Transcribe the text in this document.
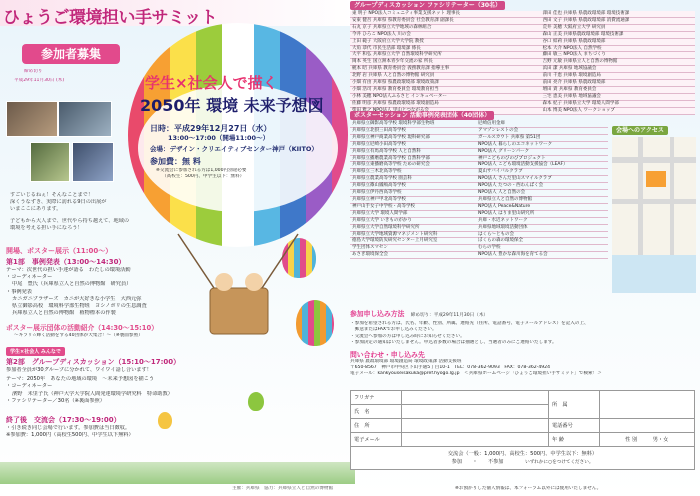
ひょうご環境担い手サミット
参加者募集
締め切り
平成29年11月30日 (木)
すごいじるねぇ！そんなことまで！
深くうなずき、実際に訪れる9日の出展が
いまここにあります。
子どもから大人まで、世代やら持ち越えて、地域の
環境を考える担い手になろう！
開場、ポスター展示（11:00〜）
第1部　事例発表（13:00〜14:30）
テーマ：次世代の担い手達が語る　わたしの環境活動
・コーディネーター
中尾　豊氏（兵庫県立人と自然の博物館　研究員）
・事例発表
カニガニプラザーズ　カニが大好きな小学生　大西元弥
県立御影高校　環境科学部生物班　ヨシノボリの生息調査
兵庫県立人と自然の博物館　植物標本の作製
ポスター展示団体の活動紹介（14:30〜15:10）
〜キラリ☆輝く活動をする40団体が大集合！〜（※裏面参照）
学生×社会人 みんなで
第2部　グループディスカッション（15:10〜17:00）
参加者全員が30グループに分かれて、ワイワイ話し合います！
テーマ：2050年　あなたの地域の環境　〜未来予想図を描こう
・コーディネーター
濱野　未里子氏（神戸大学大学院人間発達環境学研究科　特命助教）
・ファシリテーター／30名（※裏面参照）
終了後　交流会（17:30〜19:00）
・引き続き同じ会場で行います。参加費は当日徴収。
※参加費：1,000円（高校生500円、中学生以下無料）
主催：兵庫県　協力：兵庫県立人と自然の博物館
学生×社会人で描く
2050年 環境 未来予想図
日時：平成29年12月27日（水）
13:00〜17:00（開場11:00〜）
会場：デザイン・クリエイティブセンター神戸（KIITO）
参加費：無 料
※交流会に参加される方は1,000円別途必要
（高校生：500円、中学生以下：無料）
グループディスカッション ファシリテーター（30名）
東 明子 NPO法人コミュニティ事業支援ネット 理事長	澤田 佳也 兵庫県 県農政環境部 環境技術課
安東 健吾 兵庫県 県教育委員会 社会教育課 副課長	西田 文子 兵庫県 県農政環境部 消費流通課
石丸 京子 兵庫県立大学地域の森林組合	荒井 美穂 大阪府立大学 研究員
今井 ひろこ NPO法人 川の会	森山 正美 兵庫県農政環境部 環境技術課
上田 範子 大阪府立大学大学院 教授	谷口 結莉 兵庫県 県農政環境部
大角 恭代 市民生活部 環境課 係長	松本 大介 NPO法人 自然学校
大平 和弘 兵庫県立大学 自然環境科学研究所	藤田 敏三 NPO法人 まちづくり
岡本 英生 国立洲本青少年交流の家 所長	吉野 元敏 兵庫県立人と自然の博物館
梶本 昭 兵庫県 教育委員会 義務教育課 指導主事	浜田 潔 兵庫県 地域協議会
北野 岩 兵庫県 人と自然の博物館 研究員	前川 千恵 兵庫県 環境創造局
小畑 有由 兵庫県 県農政環境部 環境政策課	前田 亮介 兵庫県 県農政環境部
小畑 浩司 兵庫県 教育委員会 環境教育担当	増田 貴 兵庫県 教育委員会
小林 美穂 NPO法人ふるさと インキュベーター	三宅 恵美 兵庫県 地域協議会
佐藤 明彦 兵庫県 県農政環境部 環境創造局	森本 紀子 兵庫県立大学 環境人間学部
	山本 博美 NPO法人 ワークショップ
ポスターセッション 活動事例発表団体（40団体）
兵庫県立御影高等学校 環境科学部生物班	尼崎信用金庫
兵庫県立北摂三田高等学校	アマゾンレストの会
兵庫県立神戸商業高等学校 現科研究部	ガールスカウト 兵庫県 第51団
兵庫県立尼崎小田高等学校	NPO法人 暮らしのエコネットワーク
兵庫県立有馬高等学校 人と自然科	NPO法人 グリーンパーク
兵庫県立播磨農業高等学校 自然科学部	神戸こどものびのびプロジェクト
兵庫県立東播磨高等学校 ための研究会	NPO法人 こども環境活動支援協会（LEAF）
兵庫県立三木北高等学校	夏山サバイバルクラブ
兵庫県立農業高等学校 園芸科	NPO法人 さんだ里山スマイルクラブ
兵庫県立篠山鳳鳴高等学校	NPO法人 たつの・西わんぱく会
兵庫県立伊丹西高等学校	NPO法人 人と自然の会
兵庫県立神戸甲北高等学校	兵庫県立人と自然の博物館
神戸山手女子中学校・高等学校	NPO法人 Peace&Nature
兵庫県立大学 環境人間学部	NPO法人 はりま里山研究所
兵庫県立大学 いきものがかり	兵庫・水辺ネットワーク
兵庫県立大学自然環境科学研究所	兵庫県地域環境活動団体
兵庫県立大学地域資源マネジメント研究科	はくら〜ともの会
徳島大学環境防災研究センター上月研究室	ぼくらの森の環境保全
学生団体スマセン	むらの学校
あさぎ環境保全会	NPO法人 豊かな森川海を育てる会
会場へのアクセス
参加申し込み方法 締め切り：平成29年11月30日（木）
・参加を希望される方は、氏名、年齢、性別、所属、連絡先（住所、電話番号、電子メールアドレス）を記入の上、
　郵送またはFAXでお申し込みください。
・交流会へ参加の方は申し込み時にお知らせください。
・参加決定の通知はいたしません。申込者多数の場合は抽選とし、当選者のみにご連絡いたします。
問い合わせ・申し込み先
兵庫県 農政環境部 環境創造局 環境政策課 活動支援班
〒650-8567　神戸市中央区下山手通5丁目10-1　TEL：078-362-9093　FAX：078-362-4924
電子メール：kankyouseisakuka@pref.hyogo.lg.jp　＜兵庫県ホームページ「ひょうご環境担い手サミット」で検索！＞
フリガナ		所　属	
氏　名			
住　所		電話番号	
電子メール		年 齢	性 別 男・女

交流会（一般：1,000円、高校生：500円、中学生以下：無料）
参加　　・　　不参加 いずれかに○をつけてください。			
※お預かりした個人情報は、本フォーラム以外には使用いたしません。
